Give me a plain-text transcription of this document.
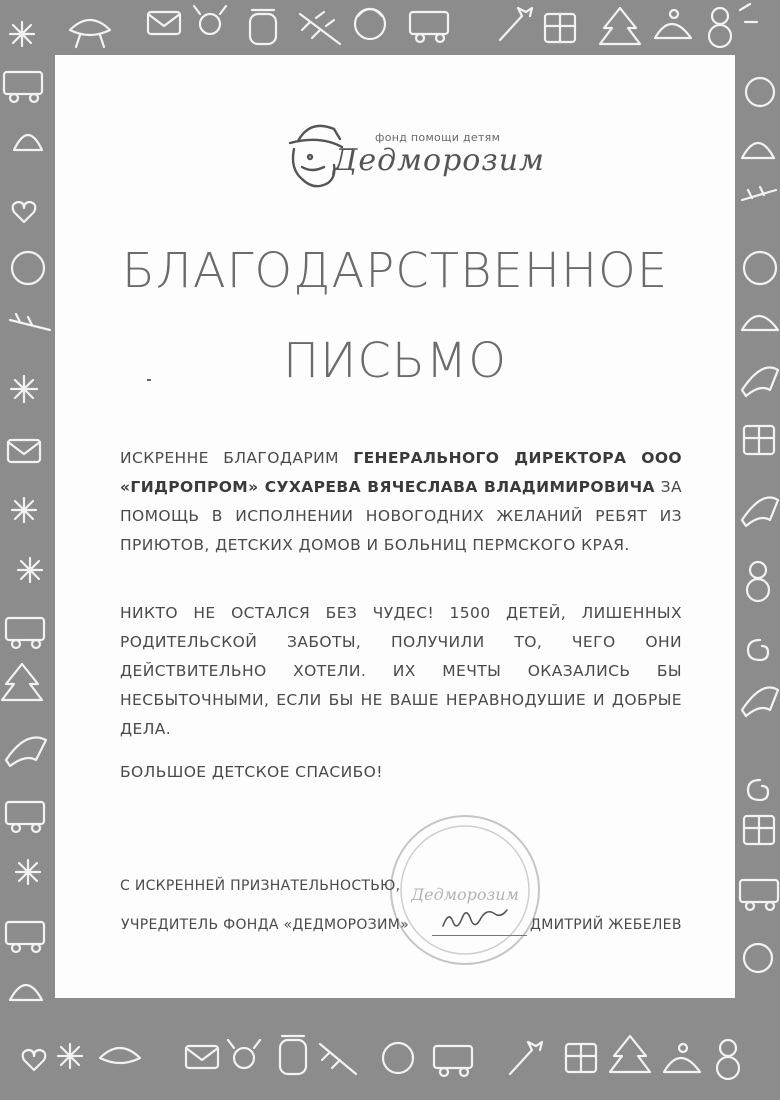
фонд помощи детям
Дедморозим
БЛАГОДАРСТВЕННОЕ
ПИСЬМО

ИСКРЕННЕ БЛАГОДАРИМ ГЕНЕРАЛЬНОГО ДИРЕКТОРА ООО «ГИДРОПРОМ» СУХАРЕВА ВЯЧЕСЛАВА ВЛАДИМИРОВИЧА ЗА ПОМОЩЬ В ИСПОЛНЕНИИ НОВОГОДНИХ ЖЕЛАНИЙ РЕБЯТ ИЗ ПРИЮТОВ, ДЕТСКИХ ДОМОВ И БОЛЬНИЦ ПЕРМСКОГО КРАЯ.

НИКТО НЕ ОСТАЛСЯ БЕЗ ЧУДЕС! 1500 ДЕТЕЙ, ЛИШЕННЫХ РОДИТЕЛЬСКОЙ ЗАБОТЫ, ПОЛУЧИЛИ ТО, ЧЕГО ОНИ ДЕЙСТВИТЕЛЬНО ХОТЕЛИ. ИХ МЕЧТЫ ОКАЗАЛИСЬ БЫ НЕСБЫТОЧНЫМИ, ЕСЛИ БЫ НЕ ВАШЕ НЕРАВНОДУШИЕ И ДОБРЫЕ ДЕЛА.

БОЛЬШОЕ ДЕТСКОЕ СПАСИБО!

Дедморозим

С ИСКРЕННЕЙ ПРИЗНАТЕЛЬНОСТЬЮ,

УЧРЕДИТЕЛЬ ФОНДА «ДЕДМОРОЗИМ»	ДМИТРИЙ ЖЕБЕЛЕВ
